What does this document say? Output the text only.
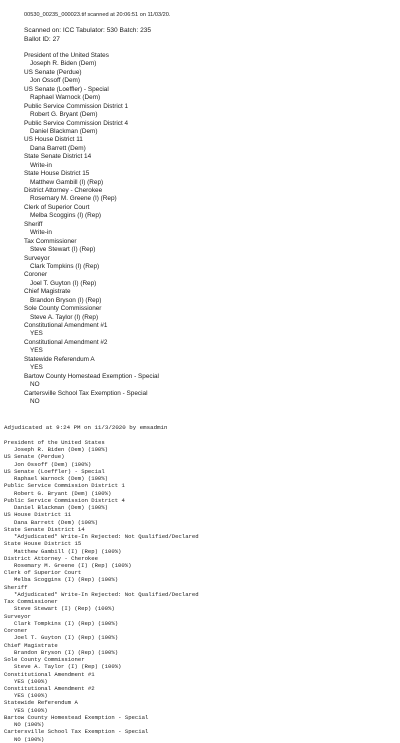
00530_00235_000023.tif scanned at 20:06:51 on 11/03/20.
Scanned on: ICC Tabulator: 530 Batch: 235
Ballot ID: 27
President of the United States
Joseph R. Biden (Dem)
US Senate (Perdue)
Jon Ossoff (Dem)
US Senate (Loeffler) - Special
Raphael Warnock (Dem)
Public Service Commission District 1
Robert G. Bryant (Dem)
Public Service Commission District 4
Daniel Blackman (Dem)
US House District 11
Dana Barrett (Dem)
State Senate District 14
Write-in
State House District 15
Matthew Gambill (I) (Rep)
District Attorney - Cherokee
Rosemary M. Greene (I) (Rep)
Clerk of Superior Court
Melba Scoggins (I) (Rep)
Sheriff
Write-in
Tax Commissioner
Steve Stewart (I) (Rep)
Surveyor
Clark Tompkins (I) (Rep)
Coroner
Joel T. Guyton (I) (Rep)
Chief Magistrate
Brandon Bryson (I) (Rep)
Sole County Commissioner
Steve A. Taylor (I) (Rep)
Constitutional Amendment #1
YES
Constitutional Amendment #2
YES
Statewide Referendum A
YES
Bartow County Homestead Exemption - Special
NO
Cartersville School Tax Exemption - Special
NO
Adjudicated at 9:24 PM on 11/3/2020 by emsadmin
President of the United States
Joseph R. Biden (Dem) (100%)
US Senate (Perdue)
Jon Ossoff (Dem) (100%)
US Senate (Loeffler) - Special
Raphael Warnock (Dem) (100%)
Public Service Commission District 1
Robert G. Bryant (Dem) (100%)
Public Service Commission District 4
Daniel Blackman (Dem) (100%)
US House District 11
Dana Barrett (Dem) (100%)
State Senate District 14
*Adjudicated* Write-In Rejected: Not Qualified/Declared
State House District 15
Matthew Gambill (I) (Rep) (100%)
District Attorney - Cherokee
Rosemary M. Greene (I) (Rep) (100%)
Clerk of Superior Court
Melba Scoggins (I) (Rep) (100%)
Sheriff
*Adjudicated* Write-In Rejected: Not Qualified/Declared
Tax Commissioner
Steve Stewart (I) (Rep) (100%)
Surveyor
Clark Tompkins (I) (Rep) (100%)
Coroner
Joel T. Guyton (I) (Rep) (100%)
Chief Magistrate
Brandon Bryson (I) (Rep) (100%)
Sole County Commissioner
Steve A. Taylor (I) (Rep) (100%)
Constitutional Amendment #1
YES (100%)
Constitutional Amendment #2
YES (100%)
Statewide Referendum A
YES (100%)
Bartow County Homestead Exemption - Special
NO (100%)
Cartersville School Tax Exemption - Special
NO (100%)
